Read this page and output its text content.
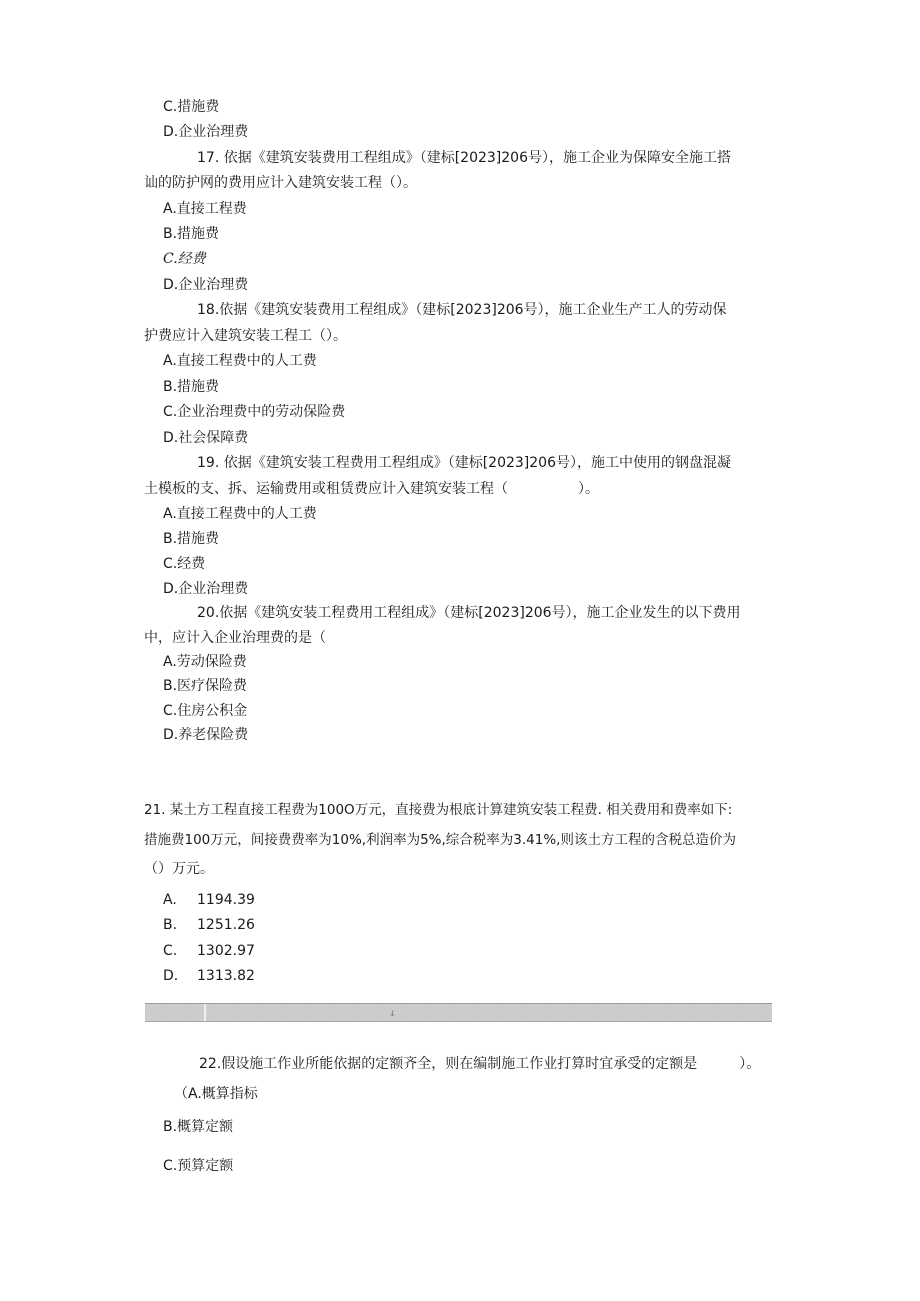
C.措施费
D.企业治理费
17. 依据《建筑安装费用工程组成》（建标[2023]206号），施工企业为保障安全施工搭
讪的防护网的费用应计入建筑安装工程（）。
A.直接工程费
B.措施费
C.经费
D.企业治理费
18.依据《建筑安装费用工程组成》（建标[2023]206号），施工企业生产工人的劳动保
护费应计入建筑安装工程工（）。
A.直接工程费中的人工费
B.措施费
C.企业治理费中的劳动保险费
D.社会保障费
19. 依据《建筑安装工程费用工程组成》（建标[2023]206号），施工中使用的钢盘混凝
土模板的支、拆、运输费用或租赁费应计入建筑安装工程（　　　　　）。
A.直接工程费中的人工费
B.措施费
C.经费
D.企业治理费
20.依据《建筑安装工程费用工程组成》（建标[2023]206号），施工企业发生的以下费用
中，应计入企业治理费的是（
A.劳动保险费
B.医疗保险费
C.住房公积金
D.养老保险费
21. 某土方工程直接工程费为100O万元，直接费为根底计算建筑安装工程费. 相关费用和费率如下:
措施费100万元，间接费费率为10%,利润率为5%,综合税率为3.41%,则该土方工程的含税总造价为
（）万元。
A. 1194.39
B. 1251.26
C. 1302.97
D. 1313.82
↓
22.假设施工作业所能依据的定额齐全，则在编制施工作业打算时宜承受的定额是　　　）。
（A.概算指标
B.概算定额
C.预算定额
